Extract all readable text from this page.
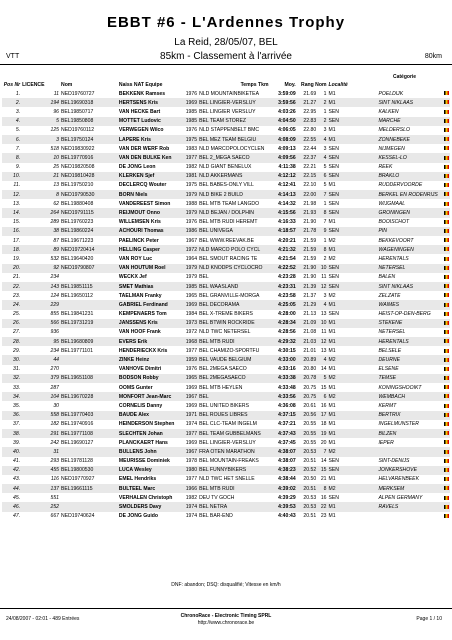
EBBT #6 - L'Ardennes Trophy
La Reid, 28/05/07, BEL
VTT	85km - Classement à l'arrivée	80km
Catégorie
Pos Nr	LICENCE	Nom	Naiss NAT Equipe		Temps Tkm	Moy.	Rang Nom		Localité		
1.	11	NED19760727	BEKKENK Ramses	1976	NLD MOUNTAINBIKETEA	3:59:09	21.69	1	M1	POELDIJK	
2.	194	BEL19690318	HERTSENS Kris	1969	BEL LINGIER-VERSLUY	3:59:56	21.27	2	M1	SINT NIKLAAS	
3.	96	BEL19850717	VAN HECKE Bart	1985	BEL LINGIER VERSLUY	4:03:26	22.95	1	SEN	KALKEN	
4.	5	BEL19850808	MOTTET Ludovic	1985	BEL TEAM STOREZ	4:04:50	22.83	2	SEN	MARCHE	
5.	125	NED19760112	VERWEGEN Wilco	1976	NLD STAPPENBELT BMC	4:06:05	22.80	3	M1	MELDERSLO	
6.	3	BEL19750124	LAPERE Kris	1975	BEL MEZ TEAM BELGIU	4:08:09	22.55	4	M1	ZONNEBEKE	
7.	518	NED19830922	VAN DER WERF Rob	1983	NLD MARCOPOLOCYCLEN	4:09:13	22.44	3	SEN	NIJMEGEN	
8.	10	BEL19770916	VAN DEN BULKE Ken	1977	BEL 2_MEGA SAECO	4:09:56	22.37	4	SEN	KESSEL-LO	
9.	25	NED19820508	DE JONG Leon	1982	NLD GIANT BENELUX	4:11:38	22.21	5	SEN	REEK	
10.	21	NED19810428	KLERKEN Sjef	1981	NLD AKKERMANS	4:12:12	22.15	6	SEN	BRAKLO	
11.	13	BEL19750210	DECLERCQ Wouter	1975	BEL BABES-ONLY VILL	4:12:41	22.10	5	M1	RUDDERVOORDE	
12.	8	NED19790530	BORN Niels	1979	NLD BIKE 2 BUILD	4:14:13	22.00	7	SEN	BERKEL EN RODENRIJS	
13.	62	BEL19880408	VANDEREEST Simon	1988	BEL MTB TEAM LANGDO	4:14:32	21.98	1	SEN	WIJGMAAL	
14.	264	NED19791115	REIJMOUT Onno	1979	NLD BEJAN / DOLPHIN	4:15:56	21.93	8	SEN	GRONINGEN	
15.	289	BEL19760223	WILLEMSEN Kris	1976	BEL MTB RUDI HEREMT	4:16:33	21.90	7	M1	BOOISCHOT	
16.	38	BEL19860224	ACHOURI Thomas	1986	BEL UNIVEGA	4:18:57	21.78	9	SEN	PIN	
17.	87	BEL19671223	PAELINCK Peter	1967	BEL WWW.REEVAK.BE	4:20:21	21.59	1	M2	BEKKEVOORT	
18.	89	NED19720414	HELLING Casper	1972	NLD MARCO POLO CYCL	4:21:32	21.59	8	M1	WAGENINGEN	
19.	532	BEL19640420	VAN ROY Luc	1964	BEL SMOUT RACING TE	4:21:54	21.59	2	M2	HERENTALS	
20.	92	NED19790807	VAN HOUTUM Roel	1979	NLD KNODPS CYCLOCRO	4:22:52	21.90	10	SEN	NETERSEL	
21.	234		WECKX Jef	1979	BEL	4:23:28	21.90	11	SEN	BALEN	
22.	143	BEL19851115	SMET Mathias	1985	BEL WAASLAND	4:23:31	21.39	12	SEN	SINT NIKLAAS	
23.	124	BEL19650112	TAELMAN Franky	1965	BEL GRANVILLE-MORGA	4:23:58	21.37	3	M2	ZELZATE	
24.	229		GABRIEL Ferdinand	1969	BEL DECORAMA	4:25:05	21.29	4	M1	WAIMES	
25.	855	BEL19841231	KEMPENAERS Tom	1984	BEL X-TREME BIKERS	4:28:00	21.13	13	SEN	HEIST-OP-DEN-BERG	
26.	566	BEL19731219	JANSSENS Kris	1973	BEL BTWIN ROCKRIDE	4:28:34	21.09	10	M1	STEKENE	
27.	936		VAN HOOF Frank	1972	NLD TWC NETERSEL	4:28:56	21.08	11	M1	NETERSEL	
28.	95	BEL19680809	EVERS Erik	1968	BEL MTB RUDI	4:29:32	21.03	12	M1	HERENTALS	
29.	234	BEL19771101	HENDERIECKX Kris	1977	BEL CHAMIZO-SPORTFU	4:30:15	21.01	13	M1	BELSELE	
30.	44		ZINKE Heinz	1959	BEL VAUDE BELGIUM	4:33:00	20.89	4	M2	DEURNE	
31.	270		VANHOVE Dimitri	1976	BEL 2MEGA SAECO	4:33:16	20.80	14	M1	ELSENE	
32.	379	BEL19651108	BODSON Robby	1965	BEL 2MEGASAECO	4:33:38	20.78	5	M2	TEMSE	
33.	287		OOMS Gunter	1969	BEL MTB HEYLEN	4:33:48	20.75	15	M1	KONINGSHOOIKT	
34.	104	BEL19670228	MONFORT Jean-Marc	1967	BEL	4:33:56	20.75	6	M2	WEMBACH	
35.	30		CORNELIS Danny	1969	BEL UNITED BIKERS	4:36:08	20.61	16	M1	KERMT	
36.	558	BEL19770403	BAUDE Alex	1971	BEL ROUES LIBRES	4:37:15	20.56	17	M1	BERTRIX	
37.	182	BEL19740916	HEINDERSON Stephen	1974	BEL CLC-TEAM INGELM	4:37:21	20.55	18	M1	INGELMUNSTER	
38.	291	BEL19771108	SLECHTEN Johan	1977	BEL TEAM GUBBELMANS	4:37:43	20.55	19	M1	BILZEN	
39.	242	BEL19690127	PLANCKAERT Hans	1969	BEL LINGIER-VERSLUY	4:37:45	20.55	20	M1	IEPER	
40.	31		BULLENS John	1967	FRA OTEN MARATHON	4:38:07	20.53	7	M2		
41.	293	BEL19781128	MEURISSE Dominiek	1978	BEL MOUNTAIN-FREAKS	4:38:07	20.51	14	SEN	SINT-DENIJS	
42.	455	BEL19800530	LUCA Wesley	1980	BEL FUNNYBIKERS	4:38:23	20.52	15	SEN	JONKERSHOVE	
43.	116	NED19770927	EMEL Hendriks	1977	NLD TWC HET SNELLE	4:38:44	20.50	21	M1	HELVARENBEEK	
44.	137	BEL19661115	BULTEEL Marc	1966	BEL MTB RUDI	4:39:02	20.51	8	M2	MERKSEM	
45.	551		VERHALEN Christoph	1982	DEU TV GOCH	4:39:29	20.53	16	SEN	ALPEN GERMANY	
46.	252		SMOLDERS Davy	1974	BEL NETRA	4:39:53	20.53	22	M1	RAVELS	
47.	667	NED19740624	DE JONG Guido	1974	BEL BAR-END	4:40:43	20.51	23	M1		
DNF: abandon; DSQ: disqualifié; Vitesse en km/h
24/08/2007 - 02:01 - 489 Entrées	ChronoRace - Electronic Timing SPRL
http://www.chronorace.be
Page 1 / 10
